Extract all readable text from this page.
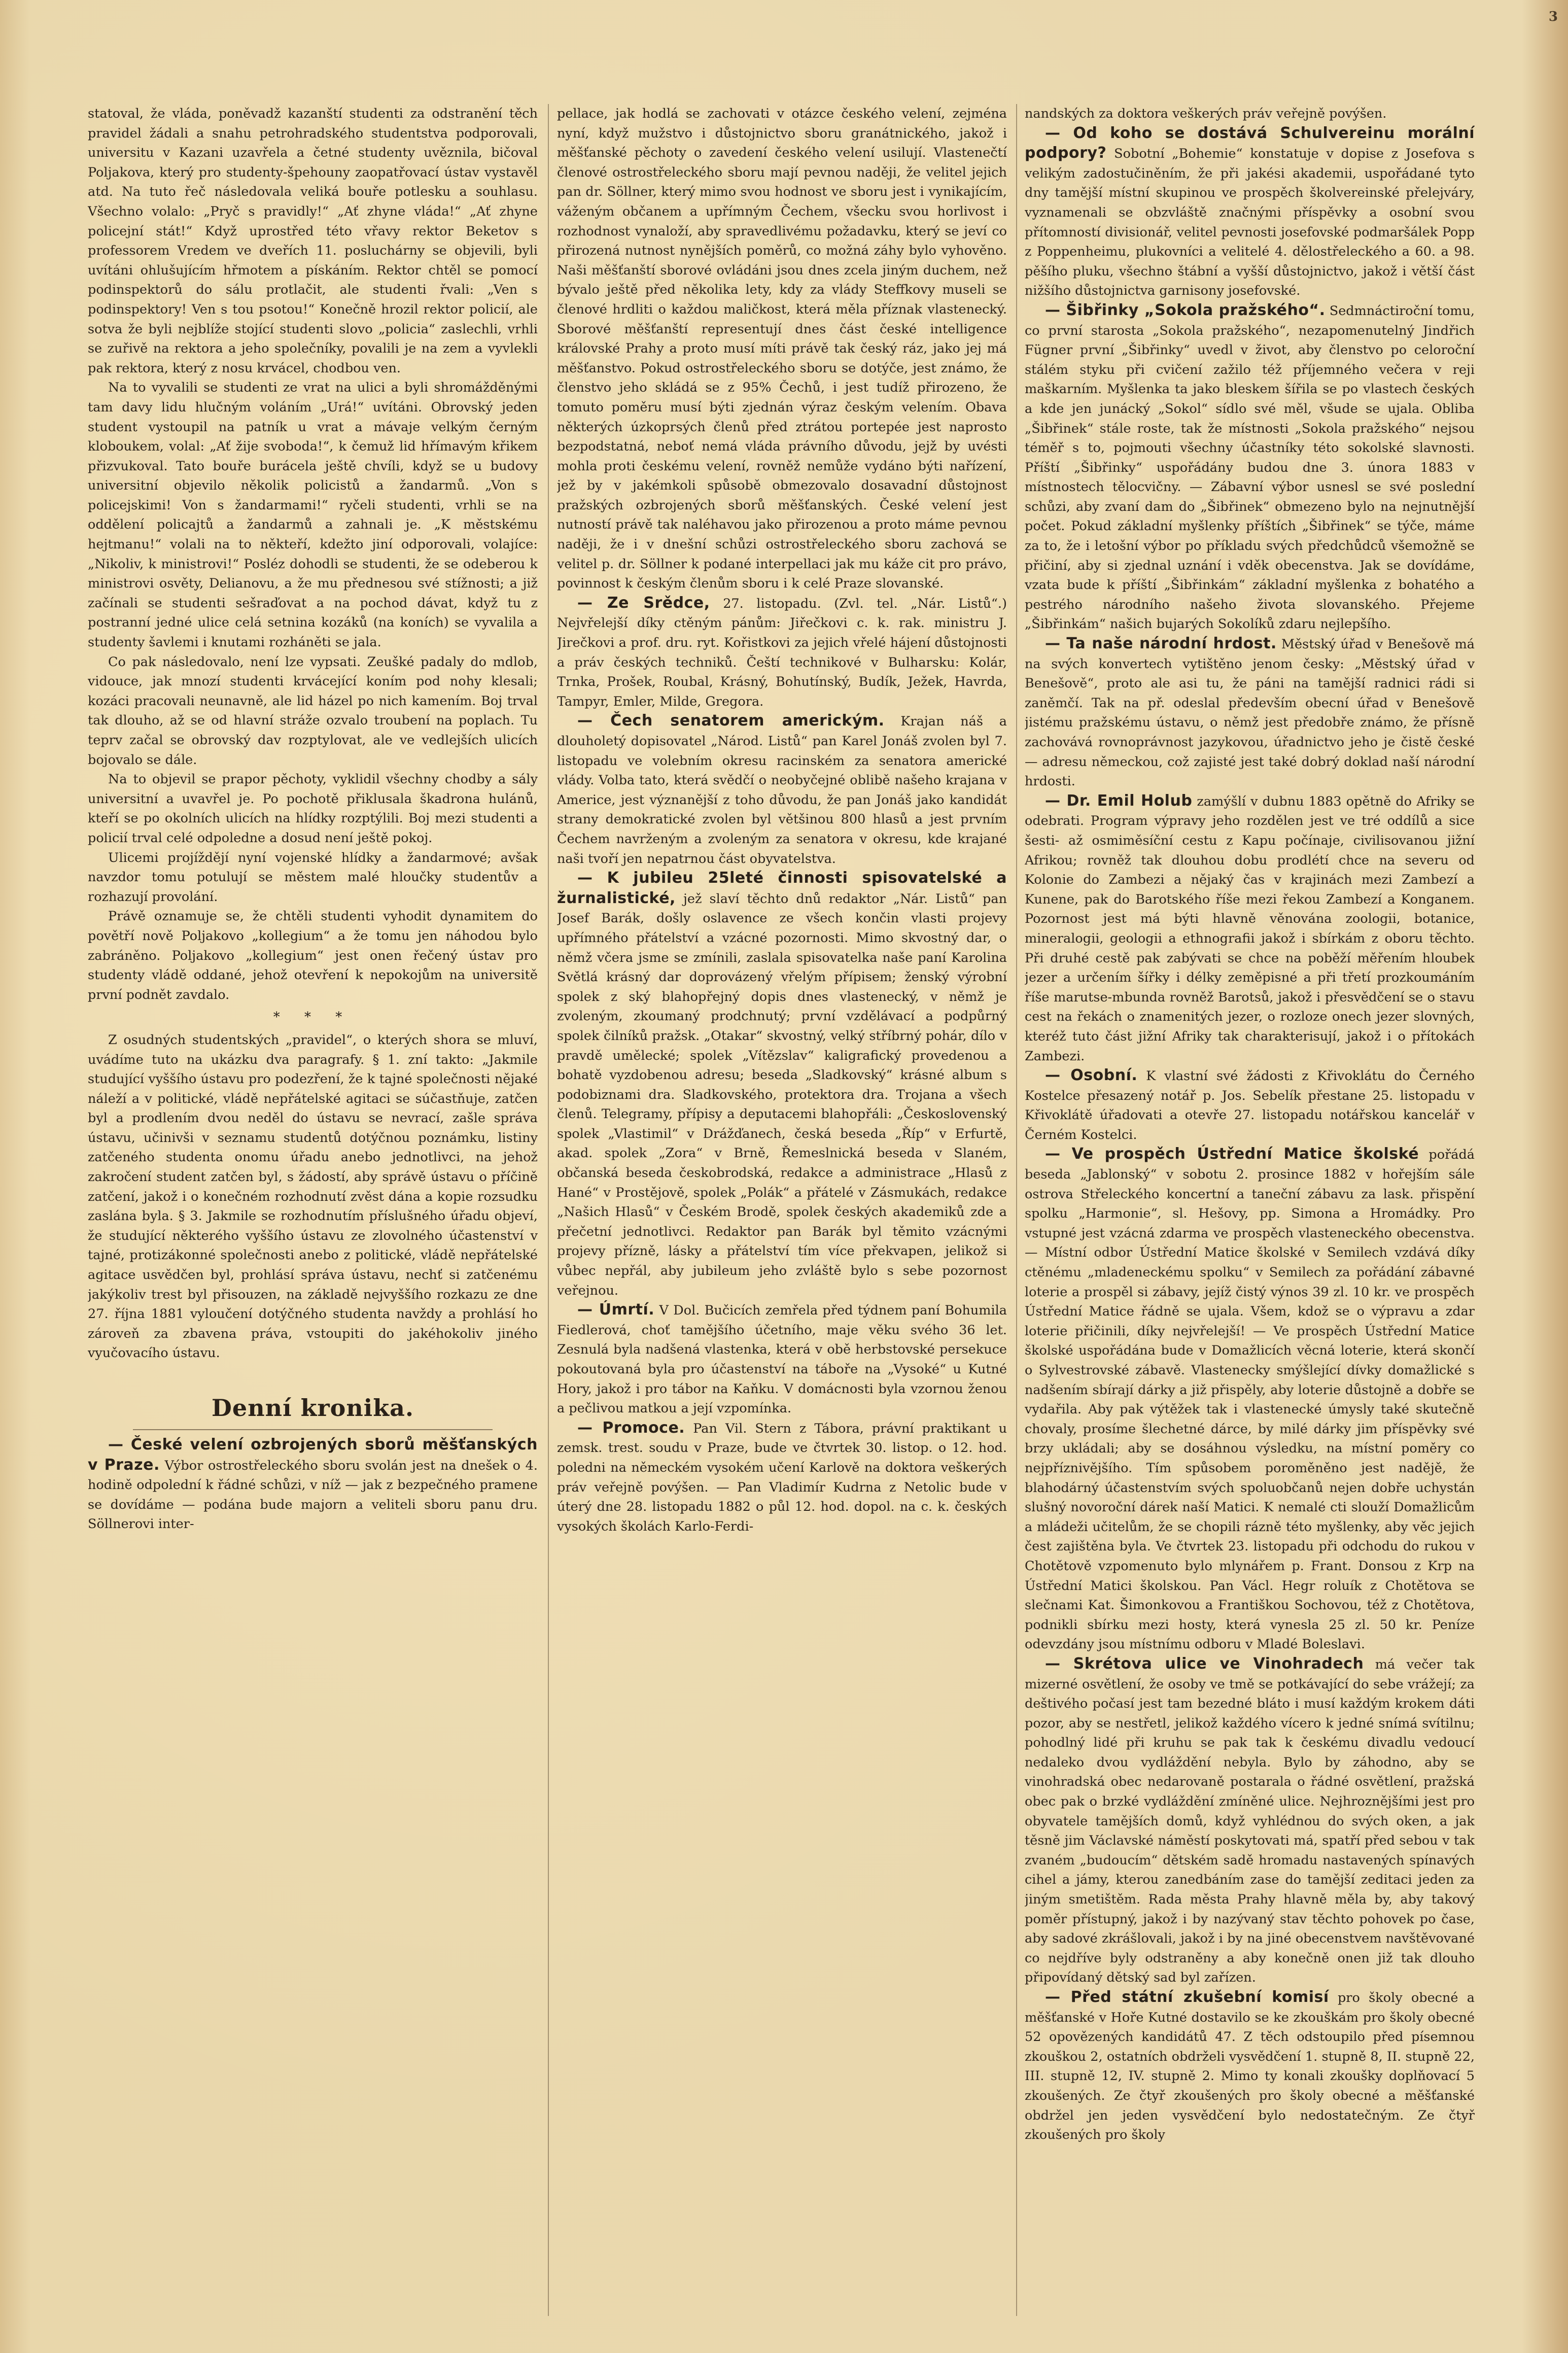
3

statoval, že vláda, poněvadž kazanští studenti za odstranění těch pravidel žádali a snahu petrohradského studentstva podporovali, universitu v Kazani uzavřela a četné studenty uvěznila, bičoval Poljakova, který pro studenty-špehouny zaopatřovací ústav vystavěl atd. Na tuto řeč následovala veliká bouře potlesku a souhlasu. Všechno volalo: „Pryč s pravidly!“ „Ať zhyne vláda!“ „Ať zhyne policejní stát!“ Když uprostřed této vřavy rektor Beketov s professorem Vredem ve dveřích 11. posluchárny se objevili, byli uvítáni ohlušujícím hřmotem a pískáním. Rektor chtěl se pomocí podinspektorů do sálu protlačit, ale studenti řvali: „Ven s podinspektory! Ven s tou psotou!“ Konečně hrozil rektor policií, ale sotva že byli nejblíže stojící studenti slovo „policia“ zaslechli, vrhli se zuřivě na rektora a jeho společníky, povalili je na zem a vyvlekli pak rektora, který z nosu krvácel, chodbou ven.

Na to vyvalili se studenti ze vrat na ulici a byli shromážděnými tam davy lidu hlučným voláním „Urá!“ uvítáni. Obrovský jeden student vystoupil na patník u vrat a mávaje velkým černým kloboukem, volal: „Ať žije svoboda!“, k čemuž lid hřímavým křikem přizvukoval. Tato bouře burácela ještě chvíli, když se u budovy universitní objevilo několik policistů a žandarmů. „Von s policejskimi! Von s žandarmami!“ ryčeli studenti, vrhli se na oddělení policajtů a žandarmů a zahnali je. „K městskému hejtmanu!“ volali na to někteří, kdežto jiní odporovali, volajíce: „Nikoliv, k ministrovi!“ Posléz dohodli se studenti, že se odeberou k ministrovi osvěty, Delianovu, a že mu přednesou své stížnosti; a již začínali se studenti sešraďovat a na pochod dávat, když tu z postranní jedné ulice celá setnina kozáků (na koních) se vyvalila a studenty šavlemi i knutami rozháněti se jala.

Co pak následovalo, není lze vypsati. Zeušké padaly do mdlob, vidouce, jak mnozí studenti krvácející koním pod nohy klesali; kozáci pracovali neunavně, ale lid házel po nich kamením. Boj trval tak dlouho, až se od hlavní stráže ozvalo troubení na poplach. Tu teprv začal se obrovský dav rozptylovat, ale ve vedlejších ulicích bojovalo se dále.

Na to objevil se prapor pěchoty, vyklidil všechny chodby a sály universitní a uvavřel je. Po pochotě přiklusala škadrona hulánů, kteří se po okolních ulicích na hlídky rozptýlili. Boj mezi studenti a policií trval celé odpoledne a dosud není ještě pokoj.

Ulicemi projíždějí nyní vojenské hlídky a žandarmové; avšak navzdor tomu potulují se městem malé hloučky studentův a rozhazují provolání.

Právě oznamuje se, že chtěli studenti vyhodit dynamitem do povětří nově Poljakovo „kollegium“ a že tomu jen náhodou bylo zabráněno. Poljakovo „kollegium“ jest onen řečený ústav pro studenty vládě oddané, jehož otevření k nepokojům na universitě první podnět zavdalo.

* * *

Z osudných studentských „pravidel“, o kterých shora se mluví, uvádíme tuto na ukázku dva paragrafy. § 1. zní takto: „Jakmile studující vyššího ústavu pro podezření, že k tajné společnosti nějaké náleží a v politické, vládě nepřátelské agitaci se súčastňuje, zatčen byl a prodlením dvou neděl do ústavu se nevrací, zašle správa ústavu, učinivši v seznamu studentů dotýčnou poznámku, listiny zatčeného studenta onomu úřadu anebo jednotlivci, na jehož zakročení student zatčen byl, s žádostí, aby správě ústavu o příčině zatčení, jakož i o konečném rozhodnutí zvěst dána a kopie rozsudku zaslána byla. § 3. Jakmile se rozhodnutím příslušného úřadu objeví, že studující některého vyššího ústavu ze zlovolného účastenství v tajné, protizákonné společnosti anebo z politické, vládě nepřátelské agitace usvědčen byl, prohlásí správa ústavu, nechť si zatčenému jakýkoliv trest byl přisouzen, na základě nejvyššího rozkazu ze dne 27. října 1881 vyloučení dotýčného studenta navždy a prohlásí ho zároveň za zbavena práva, vstoupiti do jakéhokoliv jiného vyučovacího ústavu.

Denní kronika.

— České velení ozbrojených sborů měšťanských v Praze. Výbor ostrostřeleckého sboru svolán jest na dnešek o 4. hodině odpolední k řádné schůzi, v níž — jak z bezpečného pramene se dovídáme — podána bude majorn a veliteli sboru panu dru. Söllnerovi inter-

pellace, jak hodlá se zachovati v otázce českého velení, zejména nyní, když mužstvo i důstojnictvo sboru granátnického, jakož i měšťanské pěchoty o zavedení českého velení usilují. Vlastenečtí členové ostrostřeleckého sboru mají pevnou naději, že velitel jejich pan dr. Söllner, který mimo svou hodnost ve sboru jest i vynikajícím, váženým občanem a upřímným Čechem, všecku svou horlivost i rozhodnost vynaloží, aby spravedlivému požadavku, který se jeví co přirozená nutnost nynějších poměrů, co možná záhy bylo vyhověno. Naši měšťanští sborové ovládáni jsou dnes zcela jiným duchem, než bývalo ještě před několika lety, kdy za vlády Steffkovy museli se členové hrdliti o každou maličkost, která měla příznak vlastenecký. Sborové měšťanští representují dnes část české intelligence královské Prahy a proto musí míti právě tak český ráz, jako jej má měšťanstvo. Pokud ostrostřeleckého sboru se dotýče, jest známo, že členstvo jeho skládá se z 95% Čechů, i jest tudíž přirozeno, že tomuto poměru musí býti zjednán výraz českým velením. Obava některých úzkoprsých členů před ztrátou portepée jest naprosto bezpodstatná, neboť nemá vláda právního důvodu, jejž by uvésti mohla proti českému velení, rovněž nemůže vydáno býti nařízení, jež by v jakémkoli spůsobě obmezovalo dosavadní důstojnost pražských ozbrojených sborů měšťanských. České velení jest nutností právě tak naléhavou jako přirozenou a proto máme pevnou naději, že i v dnešní schůzi ostrostřeleckého sboru zachová se velitel p. dr. Söllner k podané interpellaci jak mu káže cit pro právo, povinnost k českým členům sboru i k celé Praze slovanské.

— Ze Srědce, 27. listopadu. (Zvl. tel. „Nár. Listů“.) Nejvřelejší díky ctěným pánům: Jiřečkovi c. k. rak. ministru J. Jirečkovi a prof. dru. ryt. Kořistkovi za jejich vřelé hájení důstojnosti a práv českých techniků. Čeští technikové v Bulharsku: Kolár, Trnka, Prošek, Roubal, Krásný, Bohutínský, Budík, Ježek, Havrda, Tampyr, Emler, Milde, Gregora.

— Čech senatorem americkým. Krajan náš a dlouholetý dopisovatel „Národ. Listů“ pan Karel Jonáš zvolen byl 7. listopadu ve volebním okresu racinském za senatora americké vlády. Volba tato, která svědčí o neobyčejné oblibě našeho krajana v Americe, jest význanější z toho důvodu, že pan Jonáš jako kandidát strany demokratické zvolen byl většinou 800 hlasů a jest prvním Čechem navrženým a zvoleným za senatora v okresu, kde krajané naši tvoří jen nepatrnou část obyvatelstva.

— K jubileu 25leté činnosti spisovatelské a žurnalistické, jež slaví těchto dnů redaktor „Nár. Listů“ pan Josef Barák, došly oslavence ze všech končin vlasti projevy upřímného přátelství a vzácné pozornosti. Mimo skvostný dar, o němž včera jsme se zmínili, zaslala spisovatelka naše paní Karolina Světlá krásný dar doprovázený vřelým přípisem; ženský výrobní spolek z ský blahopřejný dopis dnes vlastenecký, v němž je zvoleným, zkoumaný prodchnutý; první vzdělávací a podpůrný spolek čilníků pražsk. „Otakar“ skvostný, velký stříbrný pohár, dílo v pravdě umělecké; spolek „Vítězslav“ kaligrafický provedenou a bohatě vyzdobenou adresu; beseda „Sladkovský“ krásné album s podobiznami dra. Sladkovského, protektora dra. Trojana a všech členů. Telegramy, přípisy a deputacemi blahopřáli: „Československý spolek „Vlastimil“ v Drážďanech, česká beseda „Říp“ v Erfurtě, akad. spolek „Zora“ v Brně, Řemeslnická beseda v Slaném, občanská beseda českobrodská, redakce a administrace „Hlasů z Hané“ v Prostějově, spolek „Polák“ a přátelé v Zásmukách, redakce „Našich Hlasů“ v Českém Brodě, spolek českých akademiků zde a přečetní jednotlivci. Redaktor pan Barák byl těmito vzácnými projevy přízně, lásky a přátelství tím více překvapen, jelikož si vůbec nepřál, aby jubileum jeho zvláště bylo s sebe pozornost veřejnou.

— Úmrtí. V Dol. Bučicích zemřela před týdnem paní Bohumila Fiedlerová, choť tamějšího účetního, maje věku svého 36 let. Zesnulá byla nadšená vlastenka, která v obě herbstovské persekuce pokoutovaná byla pro účastenství na táboře na „Vysoké“ u Kutné Hory, jakož i pro tábor na Kaňku. V domácnosti byla vzornou ženou a pečlivou matkou a její vzpomínka.

— Promoce. Pan Vil. Stern z Tábora, právní praktikant u zemsk. trest. soudu v Praze, bude ve čtvrtek 30. listop. o 12. hod. poledni na německém vysokém učení Karlově na doktora veškerých práv veřejně povýšen. — Pan Vladimír Kudrna z Netolic bude v úterý dne 28. listopadu 1882 o půl 12. hod. dopol. na c. k. českých vysokých školách Karlo-Ferdi-

nandských za doktora veškerých práv veřejně povýšen.

— Od koho se dostává Schulvereinu morální podpory? Sobotní „Bohemie“ konstatuje v dopise z Josefova s velikým zadostučiněním, že při jakési akademii, uspořádané tyto dny tamější místní skupinou ve prospěch školvereinské přelejváry, vyznamenali se obzvláště značnými příspěvky a osobní svou přítomností divisionář, velitel pevnosti josefovské podmaršálek Popp z Poppenheimu, plukovníci a velitelé 4. dělostřeleckého a 60. a 98. pěšího pluku, všechno štábní a vyšší důstojnictvo, jakož i větší část nižšího důstojnictva garnisony josefovské.

— Šibřinky „Sokola pražského“. Sedmnáctiroční tomu, co první starosta „Sokola pražského“, nezapomenutelný Jindřich Fügner první „Šibřinky“ uvedl v život, aby členstvo po celoroční stálém styku při cvičení zažilo též příjemného večera v reji maškarním. Myšlenka ta jako bleskem šířila se po vlastech českých a kde jen junácký „Sokol“ sídlo své měl, všude se ujala. Obliba „Šibřinek“ stále roste, tak že místnosti „Sokola pražského“ nejsou téměř s to, pojmouti všechny účastníky této sokolské slavnosti. Příští „Šibřinky“ uspořádány budou dne 3. února 1883 v místnostech tělocvičny. — Zábavní výbor usnesl se své poslední schůzi, aby zvaní dam do „Šibřinek“ obmezeno bylo na nejnutnější počet. Pokud základní myšlenky příštích „Šibřinek“ se týče, máme za to, že i letošní výbor po příkladu svých předchůdců všemožně se přičiní, aby si zjednal uznání i vděk obecenstva. Jak se dovídáme, vzata bude k příští „Šibřinkám“ základní myšlenka z bohatého a pestrého národního našeho života slovanského. Přejeme „Šibřinkám“ našich bujarých Sokolíků zdaru nejlepšího.

— Ta naše národní hrdost. Městský úřad v Benešově má na svých konvertech vytištěno jenom česky: „Městský úřad v Benešově“, proto ale asi tu, že páni na tamější radnici rádi si zaněmčí. Tak na př. odeslal především obecní úřad v Benešově jistému pražskému ústavu, o němž jest předobře známo, že přísně zachovává rovnoprávnost jazykovou, úřadnictvo jeho je čistě české — adresu německou, což zajisté jest také dobrý doklad naší národní hrdosti.

— Dr. Emil Holub zamýšlí v dubnu 1883 opětně do Afriky se odebrati. Program výpravy jeho rozdělen jest ve tré oddílů a sice šesti- až osmiměsíční cestu z Kapu počínaje, civilisovanou jižní Afrikou; rovněž tak dlouhou dobu prodlétí chce na severu od Kolonie do Zambezi a nějaký čas v krajinách mezi Zambezí a Kunene, pak do Barotského říše mezi řekou Zambezí a Konganem. Pozornost jest má býti hlavně věnována zoologii, botanice, mineralogii, geologii a ethnografii jakož i sbírkám z oboru těchto. Při druhé cestě pak zabývati se chce na poběží měřením hloubek jezer a určením šířky i délky zeměpisné a při třetí prozkoumáním říše marutse-mbunda rovněž Barotsů, jakož i přesvědčení se o stavu cest na řekách o znamenitých jezer, o rozloze onech jezer slovných, kteréž tuto část jižní Afriky tak charakterisují, jakož i o přítokách Zambezi.

— Osobní. K vlastní své žádosti z Křivoklátu do Černého Kostelce přesazený notář p. Jos. Sebelík přestane 25. listopadu v Křivoklátě úřadovati a otevře 27. listopadu notářskou kancelář v Černém Kostelci.

— Ve prospěch Ústřední Matice školské pořádá beseda „Jablonský“ v sobotu 2. prosince 1882 v hořejším sále ostrova Střeleckého koncertní a taneční zábavu za lask. přispění spolku „Harmonie“, sl. Hešovy, pp. Simona a Hromádky. Pro vstupné jest vzácná zdarma ve prospěch vlasteneckého obecenstva. — Místní odbor Ústřední Matice školské v Semilech vzdává díky ctěnému „mladeneckému spolku“ v Semilech za pořádání zábavné loterie a prospěl si zábavy, jejíž čistý výnos 39 zl. 10 kr. ve prospěch Ústřední Matice řádně se ujala. Všem, kdož se o výpravu a zdar loterie přičinili, díky nejvřelejší! — Ve prospěch Ústřední Matice školské uspořádána bude v Domažlicích věcná loterie, která skončí o Sylvestrovské zábavě. Vlastenecky smýšlející dívky domažlické s nadšením sbírají dárky a již přispěly, aby loterie důstojně a dobře se vydařila. Aby pak výtěžek tak i vlastenecké úmysly také skutečně chovaly, prosíme šlechetné dárce, by milé dárky jim příspěvky své brzy ukládali; aby se dosáhnou výsledku, na místní poměry co nejpříznivějšího. Tím spůsobem poroměněno jest nadějě, že blahodárný účastenstvím svých spoluobčanů nejen dobře uchystán slušný novoroční dárek naší Matici. K nemalé cti slouží Domažlicům a mládeži učitelům, že se chopili rázně této myšlenky, aby věc jejich čest zajištěna byla. Ve čtvrtek 23. listopadu při odchodu do rukou v Chotětově vzpomenuto bylo mlynářem p. Frant. Donsou z Krp na Ústřední Matici školskou. Pan Václ. Hegr roluík z Chotětova se slečnami Kat. Šimonkovou a Františkou Sochovou, též z Chotětova, podnikli sbírku mezi hosty, která vynesla 25 zl. 50 kr. Peníze odevzdány jsou místnímu odboru v Mladé Boleslavi.

— Skrétova ulice ve Vinohradech má večer tak mizerné osvětlení, že osoby ve tmě se potkávající do sebe vrážejí; za deštivého počasí jest tam bezedné bláto i musí každým krokem dáti pozor, aby se nestřetl, jelikož každého vícero k jedné snímá svítilnu; pohodlný lidé při kruhu se pak tak k českému divadlu vedoucí nedaleko dvou vydláždění nebyla. Bylo by záhodno, aby se vinohradská obec nedarovaně postarala o řádné osvětlení, pražská obec pak o brzké vydláždění zmíněné ulice. Nejhroznějšími jest pro obyvatele tamějších domů, když vyhlédnou do svých oken, a jak těsně jim Václavské náměstí poskytovati má, spatří před sebou v tak zvaném „budoucím“ dětském sadě hromadu nastavených spínavých cihel a jámy, kterou zanedbáním zase do tamější zeditaci jeden za jiným smetištěm. Rada města Prahy hlavně měla by, aby takový poměr přístupný, jakož i by nazývaný stav těchto pohovek po čase, aby sadové zkrášlovali, jakož i by na jiné obecenstvem navštěvované co nejdříve byly odstraněny a aby konečně onen již tak dlouho připovídaný dětský sad byl zařízen.

— Před státní zkušební komisí pro školy obecné a měšťanské v Hoře Kutné dostavilo se ke zkouškám pro školy obecné 52 opovězených kandidátů 47. Z těch odstoupilo před písemnou zkouškou 2, ostatních obdrželi vysvědčení 1. stupně 8, II. stupně 22, III. stupně 12, IV. stupně 2. Mimo ty konali zkoušky doplňovací 5 zkoušených. Ze čtyř zkoušených pro školy obecné a měšťanské obdržel jen jeden vysvědčení bylo nedostatečným. Ze čtyř zkoušených pro školy
